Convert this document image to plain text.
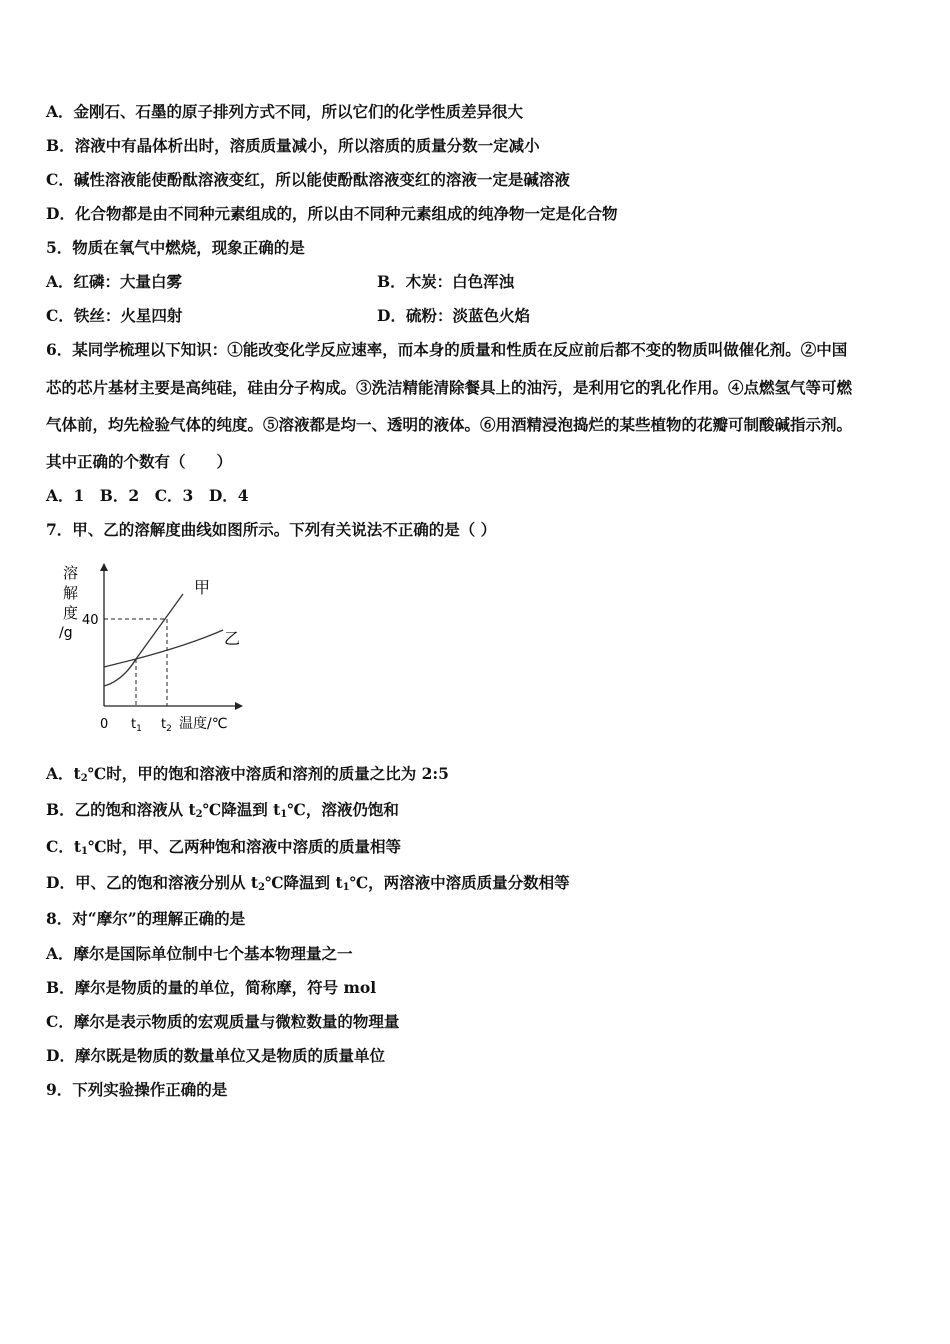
A．金刚石、石墨的原子排列方式不同，所以它们的化学性质差异很大
B．溶液中有晶体析出时，溶质质量减小，所以溶质的质量分数一定减小
C．碱性溶液能使酚酞溶液变红，所以能使酚酞溶液变红的溶液一定是碱溶液
D．化合物都是由不同种元素组成的，所以由不同种元素组成的纯净物一定是化合物
5．物质在氧气中燃烧，现象正确的是
A．红磷：大量白雾	B．木炭：白色浑浊
C．铁丝：火星四射	D．硫粉：淡蓝色火焰
6．某同学梳理以下知识：①能改变化学反应速率，而本身的质量和性质在反应前后都不变的物质叫做催化剂。②中国
芯的芯片基材主要是高纯硅，硅由分子构成。③洗洁精能清除餐具上的油污，是利用它的乳化作用。④点燃氢气等可燃
气体前，均先检验气体的纯度。⑤溶液都是均一、透明的液体。⑥用酒精浸泡捣烂的某些植物的花瓣可制酸碱指示剂。
其中正确的个数有（　　）
A．1　B．2　C．3　D．4
7．甲、乙的溶解度曲线如图所示。下列有关说法不正确的是（ ）
溶
解
度
/g
40
甲
乙
0 $t_1$ $t_2$ 温度/℃
A．$t_2℃$时，甲的饱和溶液中溶质和溶剂的质量之比为 2:5
B．乙的饱和溶液从 $t_2℃$降温到 $t_1℃$，溶液仍饱和
C．$t_1℃$时，甲、乙两种饱和溶液中溶质的质量相等
D．甲、乙的饱和溶液分别从 $t_2℃$降温到 $t_1℃$，两溶液中溶质质量分数相等
8．对“摩尔”的理解正确的是
A．摩尔是国际单位制中七个基本物理量之一
B．摩尔是物质的量的单位，简称摩，符号 mol
C．摩尔是表示物质的宏观质量与微粒数量的物理量
D．摩尔既是物质的数量单位又是物质的质量单位
9．下列实验操作正确的是
